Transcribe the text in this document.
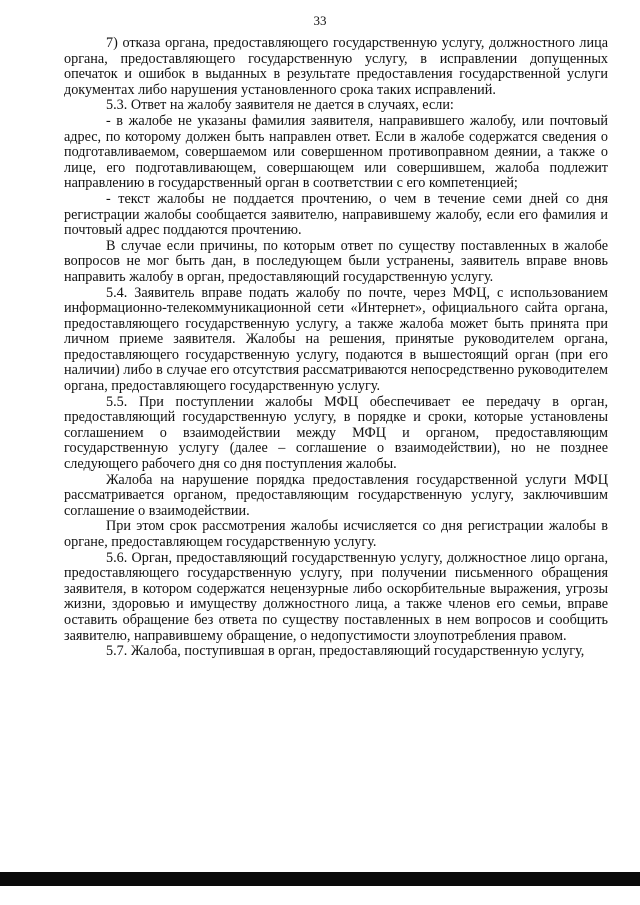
33

7) отказа органа, предоставляющего государственную услугу, должностного лица органа, предоставляющего государственную услугу, в исправлении допущенных опечаток и ошибок в выданных в результате предоставления государственной услуги документах либо нарушения установленного срока таких исправлений.

5.3. Ответ на жалобу заявителя не дается в случаях, если:

- в жалобе не указаны фамилия заявителя, направившего жалобу, или почтовый адрес, по которому должен быть направлен ответ. Если в жалобе содержатся сведения о подготавливаемом, совершаемом или совершенном противоправном деянии, а также о лице, его подготавливающем, совершающем или совершившем, жалоба подлежит направлению в государственный орган в соответствии с его компетенцией;

- текст жалобы не поддается прочтению, о чем в течение семи дней со дня регистрации жалобы сообщается заявителю, направившему жалобу, если его фамилия и почтовый адрес поддаются прочтению.

В случае если причины, по которым ответ по существу поставленных в жалобе вопросов не мог быть дан, в последующем были устранены, заявитель вправе вновь направить жалобу в орган, предоставляющий государственную услугу.

5.4. Заявитель вправе подать жалобу по почте, через МФЦ, с использованием информационно-телекоммуникационной сети «Интернет», официального сайта органа, предоставляющего государственную услугу, а также жалоба может быть принята при личном приеме заявителя. Жалобы на решения, принятые руководителем органа, предоставляющего государственную услугу, подаются в вышестоящий орган (при его наличии) либо в случае его отсутствия рассматриваются непосредственно руководителем органа, предоставляющего государственную услугу.

5.5. При поступлении жалобы МФЦ обеспечивает ее передачу в орган, предоставляющий государственную услугу, в порядке и сроки, которые установлены соглашением о взаимодействии между МФЦ и органом, предоставляющим государственную услугу (далее – соглашение о взаимодействии), но не позднее следующего рабочего дня со дня поступления жалобы.

Жалоба на нарушение порядка предоставления государственной услуги МФЦ рассматривается органом, предоставляющим государственную услугу, заключившим соглашение о взаимодействии.

При этом срок рассмотрения жалобы исчисляется со дня регистрации жалобы в органе, предоставляющем государственную услугу.

5.6. Орган, предоставляющий государственную услугу, должностное лицо органа, предоставляющего государственную услугу, при получении письменного обращения заявителя, в котором содержатся нецензурные либо оскорбительные выражения, угрозы жизни, здоровью и имуществу должностного лица, а также членов его семьи, вправе оставить обращение без ответа по существу поставленных в нем вопросов и сообщить заявителю, направившему обращение, о недопустимости злоупотребления правом.

5.7. Жалоба, поступившая в орган, предоставляющий государственную услугу,
